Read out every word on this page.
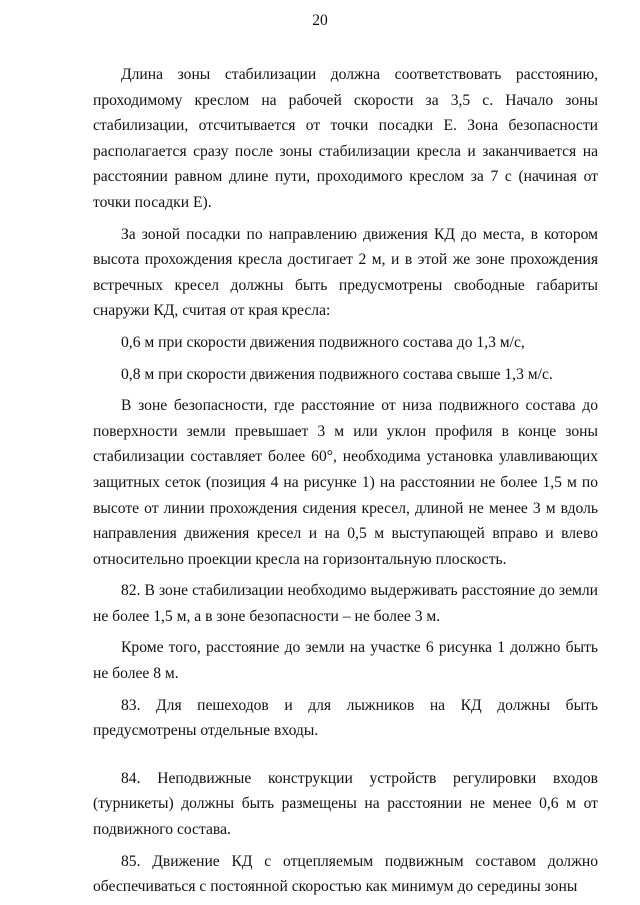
20

Длина зоны стабилизации должна соответствовать расстоянию, проходимому креслом на рабочей скорости за 3,5 с. Начало зоны стабилизации, отсчитывается от точки посадки Е. Зона безопасности располагается сразу после зоны стабилизации кресла и заканчивается на расстоянии равном длине пути, проходимого креслом за 7 с (начиная от точки посадки Е).

За зоной посадки по направлению движения КД до места, в котором высота прохождения кресла достигает 2 м, и в этой же зоне прохождения встречных кресел должны быть предусмотрены свободные габариты снаружи КД, считая от края кресла:

0,6 м при скорости движения подвижного состава до 1,3 м/с,

0,8 м при скорости движения подвижного состава свыше 1,3 м/с.

В зоне безопасности, где расстояние от низа подвижного состава до поверхности земли превышает 3 м или уклон профиля в конце зоны стабилизации составляет более 60°, необходима установка улавливающих защитных сеток (позиция 4 на рисунке 1) на расстоянии не более 1,5 м по высоте от линии прохождения сидения кресел, длиной не менее 3 м вдоль направления движения кресел и на 0,5 м выступающей вправо и влево относительно проекции кресла на горизонтальную плоскость.

82. В зоне стабилизации необходимо выдерживать расстояние до земли не более 1,5 м, а в зоне безопасности – не более 3 м.

Кроме того, расстояние до земли на участке 6 рисунка 1 должно быть не более 8 м.

83. Для пешеходов и для лыжников на КД должны быть предусмотрены отдельные входы.

84. Неподвижные конструкции устройств регулировки входов (турникеты) должны быть размещены на расстоянии не менее 0,6 м от подвижного состава.

85. Движение КД с отцепляемым подвижным составом должно обеспечиваться с постоянной скоростью как минимум до середины зоны
